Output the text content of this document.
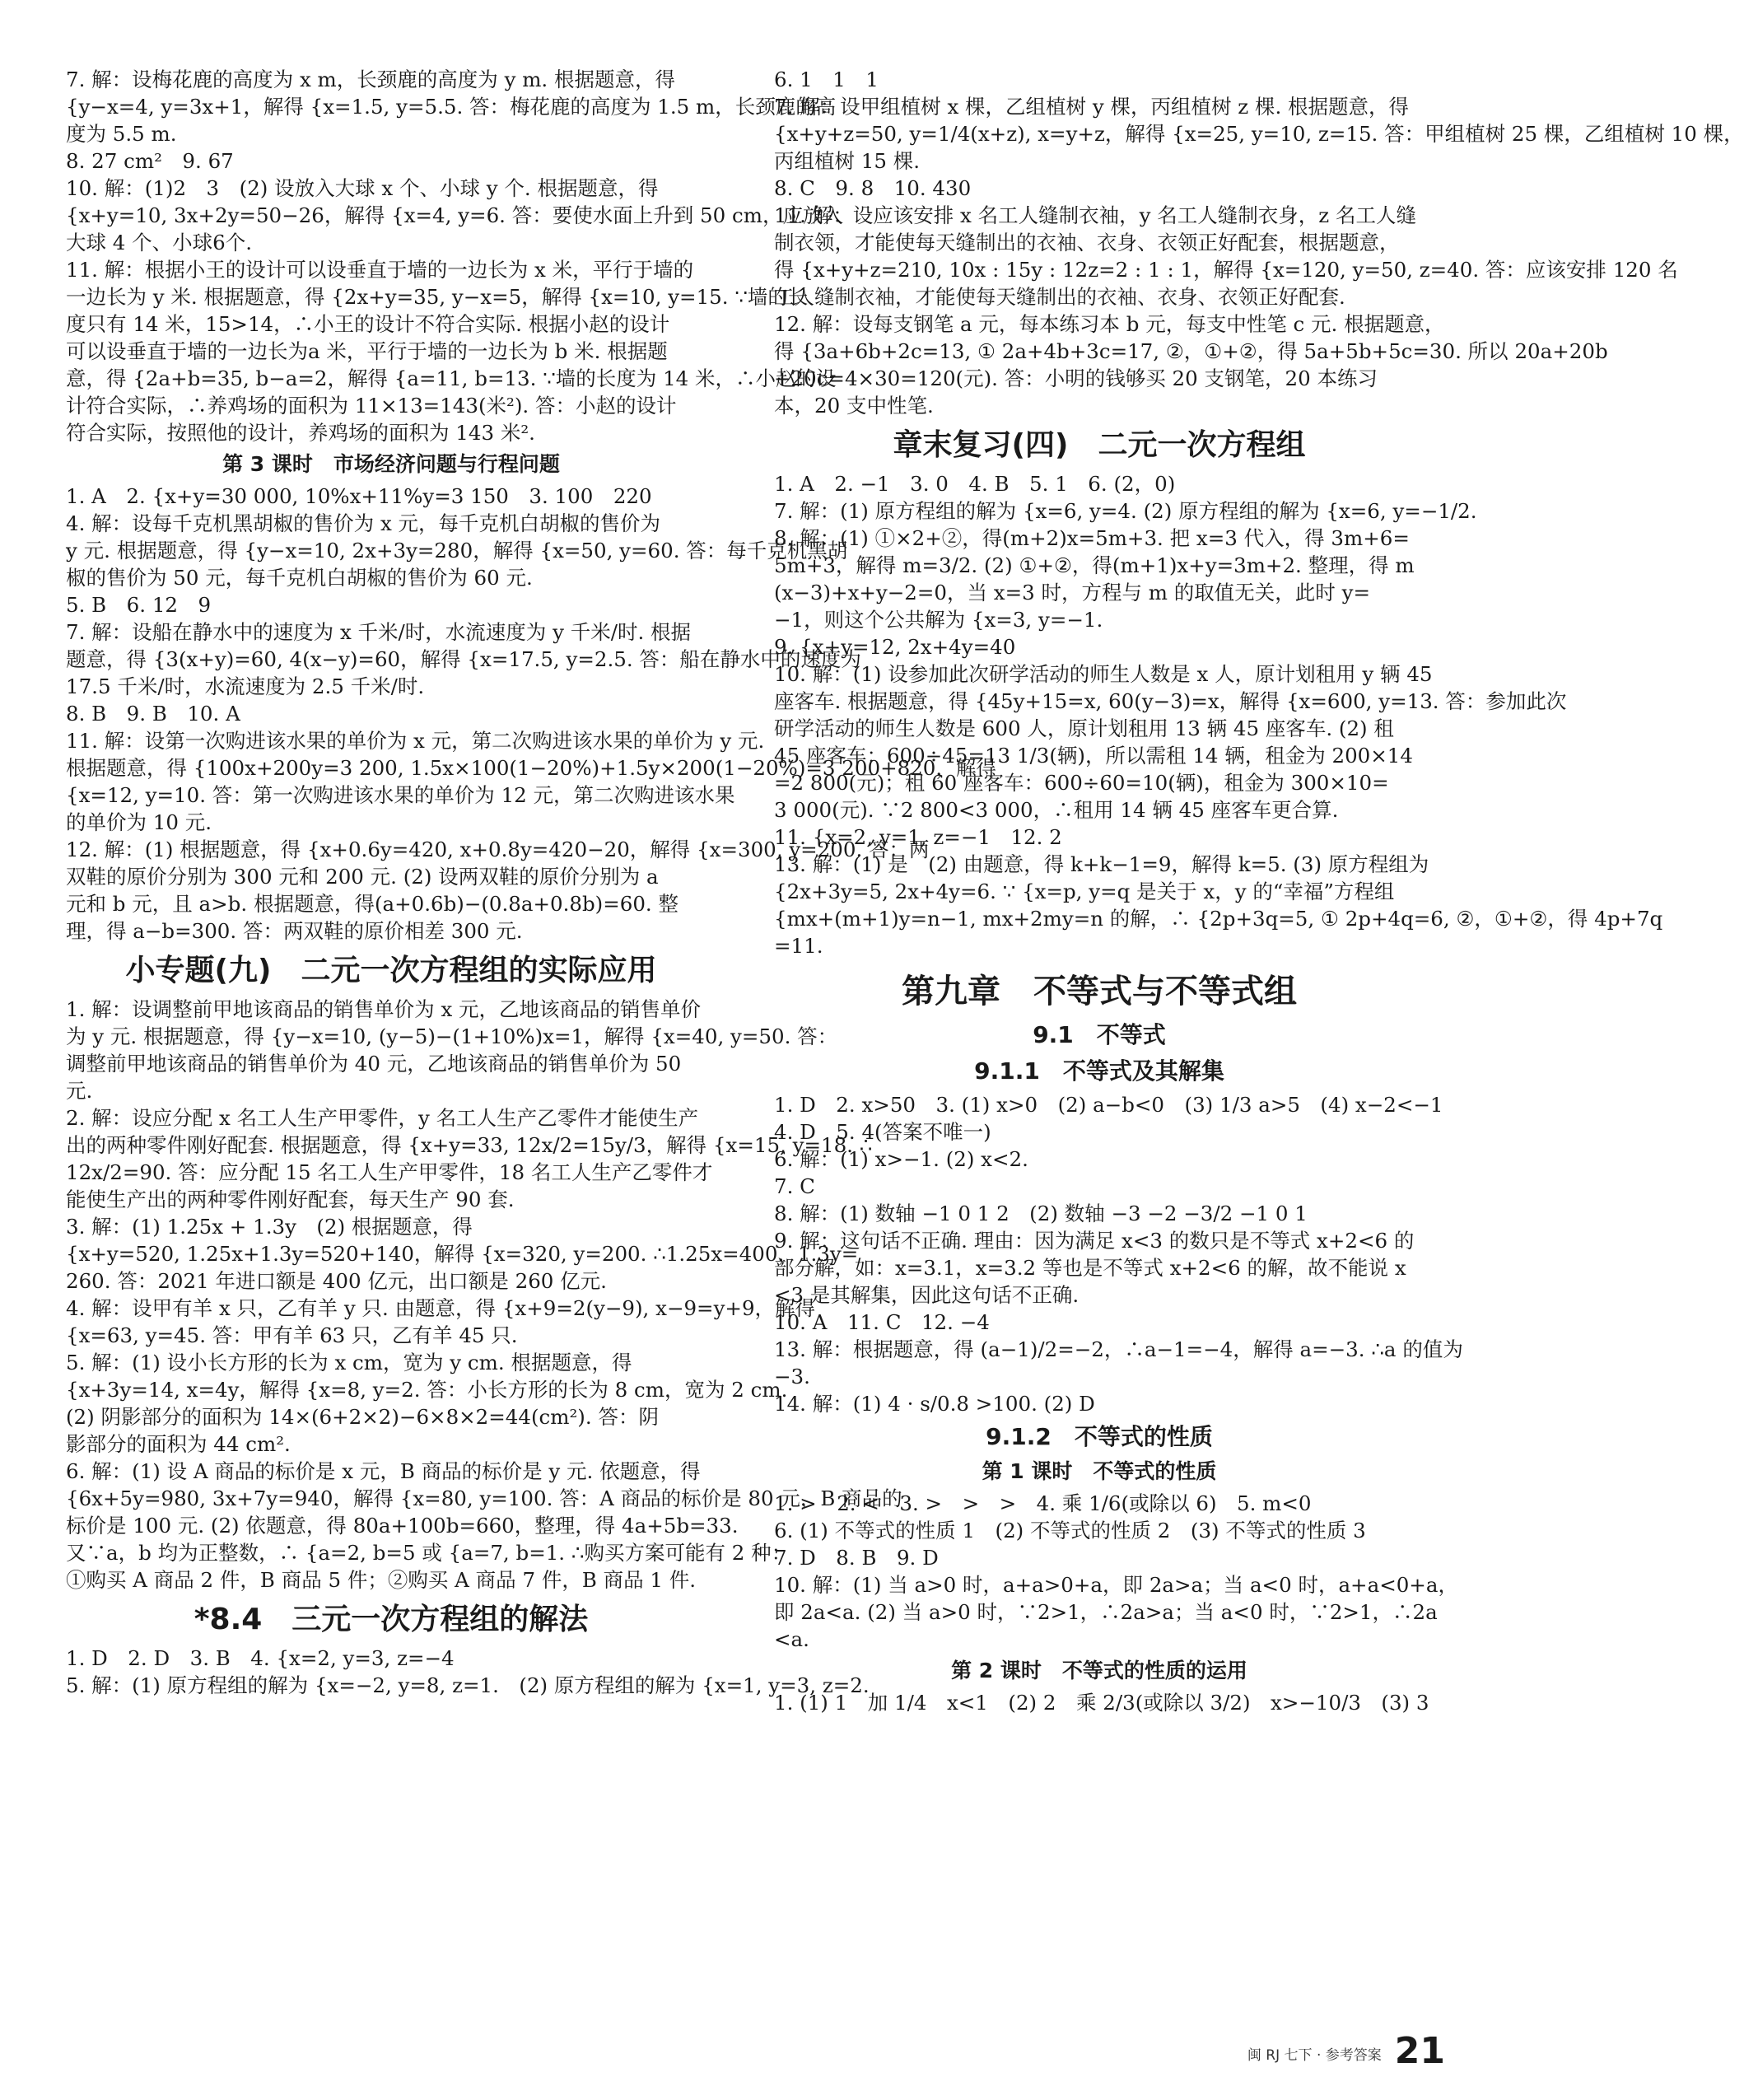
7. 解：设梅花鹿的高度为 x m，长颈鹿的高度为 y m. 根据题意，得
{y−x=4, y=3x+1，解得 {x=1.5, y=5.5. 答：梅花鹿的高度为 1.5 m，长颈鹿的高
度为 5.5 m.
8. 27 cm²　9. 67
10. 解：(1)2　3　(2) 设放入大球 x 个、小球 y 个. 根据题意，得
{x+y=10, 3x+2y=50−26，解得 {x=4, y=6. 答：要使水面上升到 50 cm，应放入
大球 4 个、小球6个.
11. 解：根据小王的设计可以设垂直于墙的一边长为 x 米，平行于墙的
一边长为 y 米. 根据题意，得 {2x+y=35, y−x=5，解得 {x=10, y=15. ∵墙的长
度只有 14 米，15>14，∴小王的设计不符合实际. 根据小赵的设计
可以设垂直于墙的一边长为a 米，平行于墙的一边长为 b 米. 根据题
意，得 {2a+b=35, b−a=2，解得 {a=11, b=13. ∵墙的长度为 14 米，∴小赵的设
计符合实际，∴养鸡场的面积为 11×13=143(米²). 答：小赵的设计
符合实际，按照他的设计，养鸡场的面积为 143 米².
第 3 课时　市场经济问题与行程问题
1. A　2. {x+y=30 000, 10%x+11%y=3 150　3. 100　220
4. 解：设每千克机黑胡椒的售价为 x 元，每千克机白胡椒的售价为
y 元. 根据题意，得 {y−x=10, 2x+3y=280，解得 {x=50, y=60. 答：每千克机黑胡
椒的售价为 50 元，每千克机白胡椒的售价为 60 元.
5. B　6. 12　9
7. 解：设船在静水中的速度为 x 千米/时，水流速度为 y 千米/时. 根据
题意，得 {3(x+y)=60, 4(x−y)=60，解得 {x=17.5, y=2.5. 答：船在静水中的速度为
17.5 千米/时，水流速度为 2.5 千米/时.
8. B　9. B　10. A
11. 解：设第一次购进该水果的单价为 x 元，第二次购进该水果的单价为 y 元.
根据题意，得 {100x+200y=3 200, 1.5x×100(1−20%)+1.5y×200(1−20%)=3 200+820，解得
{x=12, y=10. 答：第一次购进该水果的单价为 12 元，第二次购进该水果
的单价为 10 元.
12. 解：(1) 根据题意，得 {x+0.6y=420, x+0.8y=420−20，解得 {x=300, y=200. 答：两
双鞋的原价分别为 300 元和 200 元. (2) 设两双鞋的原价分别为 a
元和 b 元，且 a>b. 根据题意，得(a+0.6b)−(0.8a+0.8b)=60. 整
理，得 a−b=300. 答：两双鞋的原价相差 300 元.
小专题(九)　二元一次方程组的实际应用
1. 解：设调整前甲地该商品的销售单价为 x 元，乙地该商品的销售单价
为 y 元. 根据题意，得 {y−x=10, (y−5)−(1+10%)x=1，解得 {x=40, y=50. 答：
调整前甲地该商品的销售单价为 40 元，乙地该商品的销售单价为 50
元.
2. 解：设应分配 x 名工人生产甲零件，y 名工人生产乙零件才能使生产
出的两种零件刚好配套. 根据题意，得 {x+y=33, 12x/2=15y/3，解得 {x=15, y=18. ∴
12x/2=90. 答：应分配 15 名工人生产甲零件，18 名工人生产乙零件才
能使生产出的两种零件刚好配套，每天生产 90 套.
3. 解：(1) 1.25x + 1.3y　(2) 根据题意，得
{x+y=520, 1.25x+1.3y=520+140，解得 {x=320, y=200. ∴1.25x=400，1.3y=
260. 答：2021 年进口额是 400 亿元，出口额是 260 亿元.
4. 解：设甲有羊 x 只，乙有羊 y 只. 由题意，得 {x+9=2(y−9), x−9=y+9，解得
{x=63, y=45. 答：甲有羊 63 只，乙有羊 45 只.
5. 解：(1) 设小长方形的长为 x cm，宽为 y cm. 根据题意，得
{x+3y=14, x=4y，解得 {x=8, y=2. 答：小长方形的长为 8 cm，宽为 2 cm.
(2) 阴影部分的面积为 14×(6+2×2)−6×8×2=44(cm²). 答：阴
影部分的面积为 44 cm².
6. 解：(1) 设 A 商品的标价是 x 元，B 商品的标价是 y 元. 依题意，得
{6x+5y=980, 3x+7y=940，解得 {x=80, y=100. 答：A 商品的标价是 80 元，B 商品的
标价是 100 元. (2) 依题意，得 80a+100b=660，整理，得 4a+5b=33.
又∵a，b 均为正整数，∴ {a=2, b=5 或 {a=7, b=1. ∴购买方案可能有 2 种：
①购买 A 商品 2 件，B 商品 5 件；②购买 A 商品 7 件，B 商品 1 件.
*8.4　三元一次方程组的解法
1. D　2. D　3. B　4. {x=2, y=3, z=−4
5. 解：(1) 原方程组的解为 {x=−2, y=8, z=1.　(2) 原方程组的解为 {x=1, y=3, z=2.
6. 1　1　1
7. 解：设甲组植树 x 棵，乙组植树 y 棵，丙组植树 z 棵. 根据题意，得
{x+y+z=50, y=1/4(x+z), x=y+z，解得 {x=25, y=10, z=15. 答：甲组植树 25 棵，乙组植树 10 棵，
丙组植树 15 棵.
8. C　9. 8　10. 430
11. 解：设应该安排 x 名工人缝制衣袖，y 名工人缝制衣身，z 名工人缝
制衣领，才能使每天缝制出的衣袖、衣身、衣领正好配套，根据题意，
得 {x+y+z=210, 10x : 15y : 12z=2 : 1 : 1，解得 {x=120, y=50, z=40. 答：应该安排 120 名
工人缝制衣袖，才能使每天缝制出的衣袖、衣身、衣领正好配套.
12. 解：设每支钢笔 a 元，每本练习本 b 元，每支中性笔 c 元. 根据题意，
得 {3a+6b+2c=13, ① 2a+4b+3c=17, ②，①+②，得 5a+5b+5c=30. 所以 20a+20b
+20c=4×30=120(元). 答：小明的钱够买 20 支钢笔，20 本练习
本，20 支中性笔.
章末复习(四)　二元一次方程组
1. A　2. −1　3. 0　4. B　5. 1　6. (2，0)
7. 解：(1) 原方程组的解为 {x=6, y=4. (2) 原方程组的解为 {x=6, y=−1/2.
8. 解：(1) ①×2+②，得(m+2)x=5m+3. 把 x=3 代入，得 3m+6=
5m+3，解得 m=3/2. (2) ①+②，得(m+1)x+y=3m+2. 整理，得 m
(x−3)+x+y−2=0，当 x=3 时，方程与 m 的取值无关，此时 y=
−1，则这个公共解为 {x=3, y=−1.
9. {x+y=12, 2x+4y=40
10. 解：(1) 设参加此次研学活动的师生人数是 x 人，原计划租用 y 辆 45
座客车. 根据题意，得 {45y+15=x, 60(y−3)=x，解得 {x=600, y=13. 答：参加此次
研学活动的师生人数是 600 人，原计划租用 13 辆 45 座客车. (2) 租
45 座客车：600÷45=13 1/3(辆)，所以需租 14 辆，租金为 200×14
=2 800(元)；租 60 座客车：600÷60=10(辆)，租金为 300×10=
3 000(元). ∵2 800<3 000，∴租用 14 辆 45 座客车更合算.
11. {x=2, y=1, z=−1　12. 2
13. 解：(1) 是　(2) 由题意，得 k+k−1=9，解得 k=5. (3) 原方程组为
{2x+3y=5, 2x+4y=6. ∵ {x=p, y=q 是关于 x，y 的“幸福”方程组
{mx+(m+1)y=n−1, mx+2my=n 的解，∴ {2p+3q=5, ① 2p+4q=6, ②，①+②，得 4p+7q
=11.
第九章　不等式与不等式组
9.1　不等式
9.1.1　不等式及其解集
1. D　2. x>50　3. (1) x>0　(2) a−b<0　(3) 1/3 a>5　(4) x−2<−1
4. D　5. 4(答案不唯一)
6. 解：(1) x>−1. (2) x<2.
7. C
8. 解：(1) 数轴 −1 0 1 2　(2) 数轴 −3 −2 −3/2 −1 0 1
9. 解：这句话不正确. 理由：因为满足 x<3 的数只是不等式 x+2<6 的
部分解，如：x=3.1，x=3.2 等也是不等式 x+2<6 的解，故不能说 x
<3 是其解集，因此这句话不正确.
10. A　11. C　12. −4
13. 解：根据题意，得 (a−1)/2=−2，∴a−1=−4，解得 a=−3. ∴a 的值为
−3.
14. 解：(1) 4 · s/0.8 >100. (2) D
9.1.2　不等式的性质
第 1 课时　不等式的性质
1. >　2. <　3. >　>　>　4. 乘 1/6(或除以 6)　5. m<0
6. (1) 不等式的性质 1　(2) 不等式的性质 2　(3) 不等式的性质 3
7. D　8. B　9. D
10. 解：(1) 当 a>0 时，a+a>0+a，即 2a>a；当 a<0 时，a+a<0+a，
即 2a<a. (2) 当 a>0 时，∵2>1，∴2a>a；当 a<0 时，∵2>1，∴2a
<a.
第 2 课时　不等式的性质的运用
1. (1) 1　加 1/4　x<1　(2) 2　乘 2/3(或除以 3/2)　x>−10/3　(3) 3
闽 RJ 七下 · 参考答案 21
